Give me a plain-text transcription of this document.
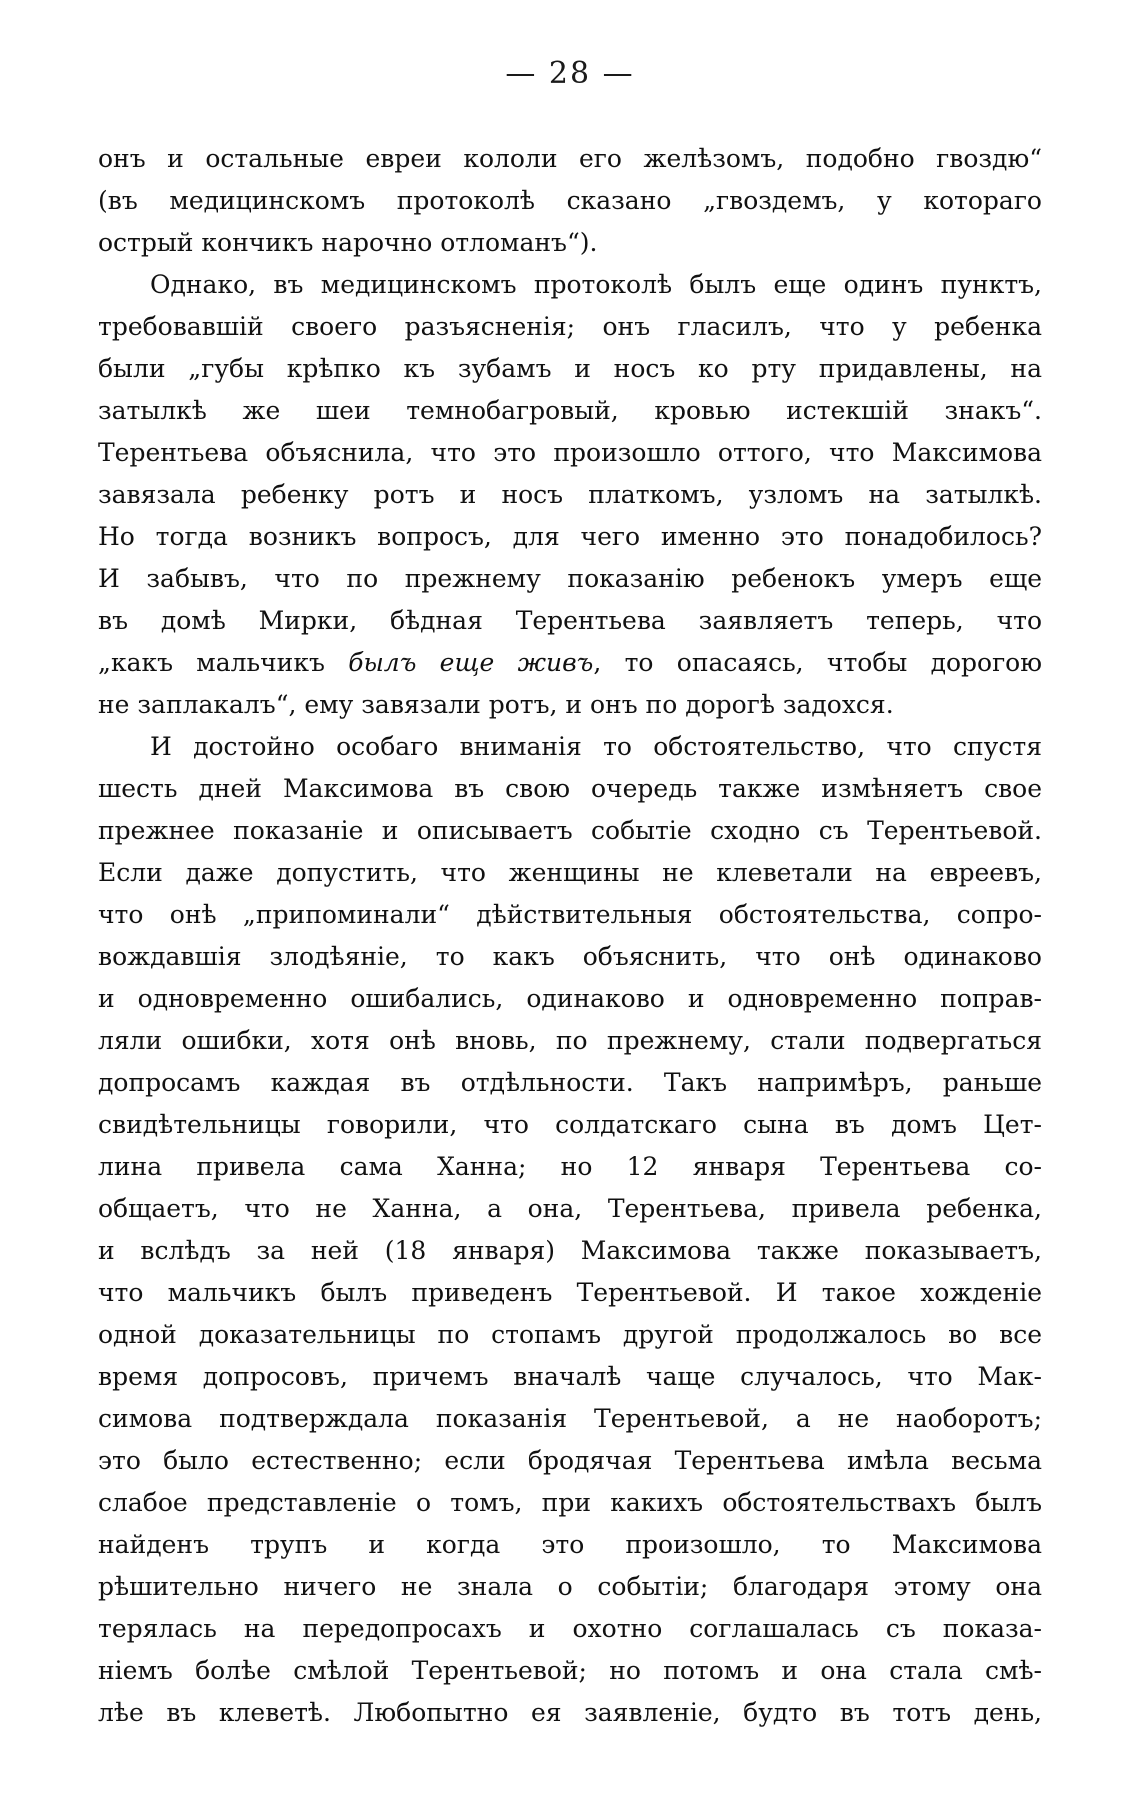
— 28 —
онъ и остальные евреи кололи его желѣзомъ, подобно гвоздю“
(въ медицинскомъ протоколѣ сказано „гвоздемъ, у котораго
острый кончикъ нарочно отломанъ“).
Однако, въ медицинскомъ протоколѣ былъ еще одинъ пунктъ,
требовавшій своего разъясненія; онъ гласилъ, что у ребенка
были „губы крѣпко къ зубамъ и носъ ко рту придавлены, на
затылкѣ же шеи темнобагровый, кровью истекшій знакъ“.
Терентьева объяснила, что это произошло оттого, что Максимова
завязала ребенку ротъ и носъ платкомъ, узломъ на затылкѣ.
Но тогда возникъ вопросъ, для чего именно это понадобилось?
И забывъ, что по прежнему показанію ребенокъ умеръ еще
въ домѣ Мирки, бѣдная Терентьева заявляетъ теперь, что
„какъ мальчикъ былъ еще живъ, то опасаясь, чтобы дорогою
не заплакалъ“, ему завязали ротъ, и онъ по дорогѣ задохся.
И достойно особаго вниманія то обстоятельство, что спустя
шесть дней Максимова въ свою очередь также измѣняетъ свое
прежнее показаніе и описываетъ событіе сходно съ Терентьевой.
Если даже допустить, что женщины не клеветали на евреевъ,
что онѣ „припоминали“ дѣйствительныя обстоятельства, сопро-
вождавшія злодѣяніе, то какъ объяснить, что онѣ одинаково
и одновременно ошибались, одинаково и одновременно поправ-
ляли ошибки, хотя онѣ вновь, по прежнему, стали подвергаться
допросамъ каждая въ отдѣльности. Такъ напримѣръ, раньше
свидѣтельницы говорили, что солдатскаго сына въ домъ Цет-
лина привела сама Ханна; но 12 января Терентьева со-
общаетъ, что не Ханна, а она, Терентьева, привела ребенка,
и вслѣдъ за ней (18 января) Максимова также показываетъ,
что мальчикъ былъ приведенъ Терентьевой. И такое хожденіе
одной доказательницы по стопамъ другой продолжалось во все
время допросовъ, причемъ вначалѣ чаще случалось, что Мак-
симова подтверждала показанія Терентьевой, а не наоборотъ;
это было естественно; если бродячая Терентьева имѣла весьма
слабое представленіе о томъ, при какихъ обстоятельствахъ былъ
найденъ трупъ и когда это произошло, то Максимова
рѣшительно ничего не знала о событіи; благодаря этому она
терялась на передопросахъ и охотно соглашалась съ показа-
ніемъ болѣе смѣлой Терентьевой; но потомъ и она стала смѣ-
лѣе въ клеветѣ. Любопытно ея заявленіе, будто въ тотъ день,
